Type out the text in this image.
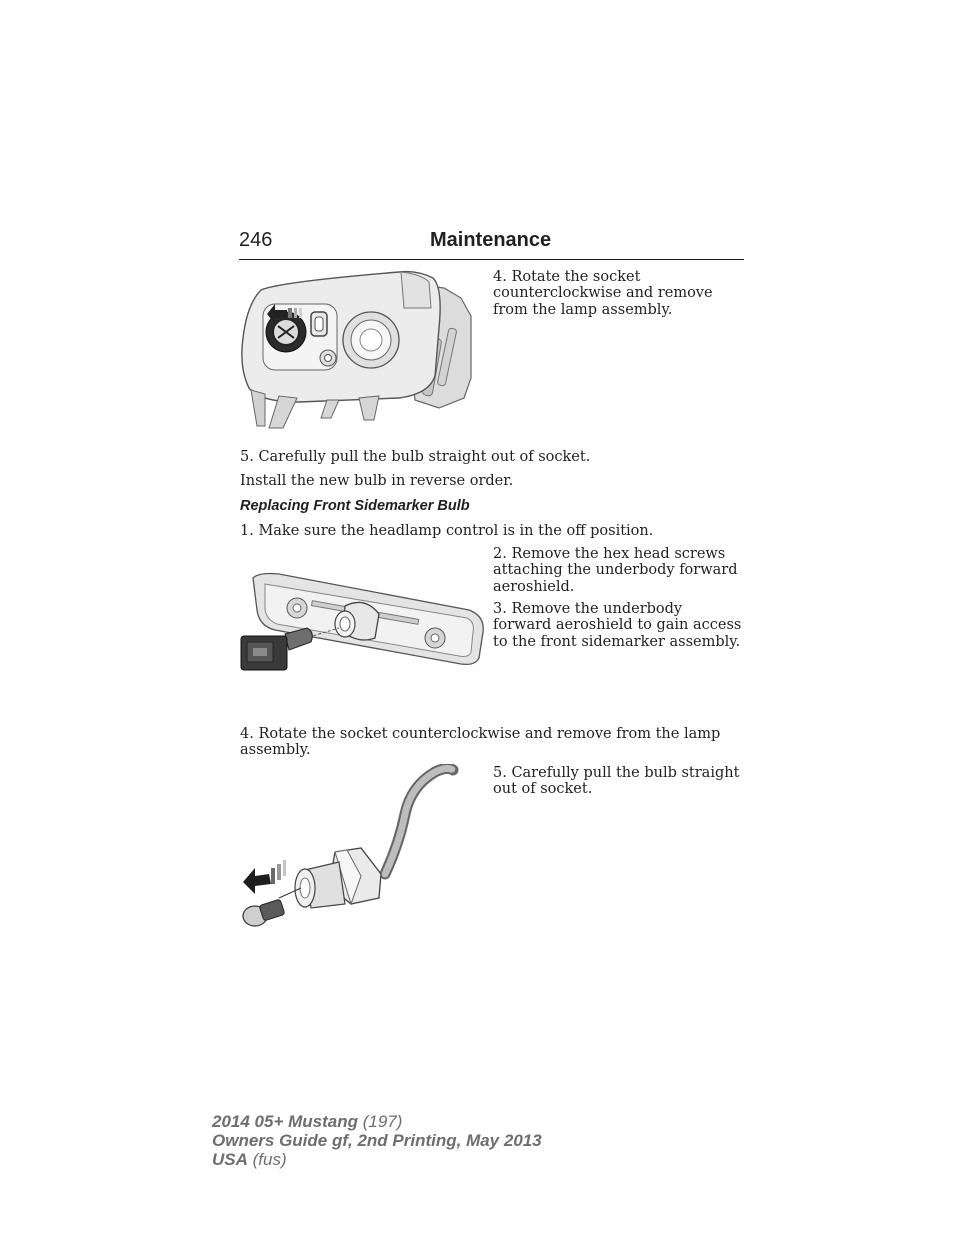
246	Maintenance

4. Rotate the socket counterclockwise and remove from the lamp assembly.

5. Carefully pull the bulb straight out of socket.

Install the new bulb in reverse order.

Replacing Front Sidemarker Bulb

1. Make sure the headlamp control is in the off position.

2. Remove the hex head screws attaching the underbody forward aeroshield.

3. Remove the underbody forward aeroshield to gain access to the front sidemarker assembly.

4. Rotate the socket counterclockwise and remove from the lamp assembly.

5. Carefully pull the bulb straight out of socket.

2014 05+ Mustang (197)
Owners Guide gf, 2nd Printing, May 2013
USA (fus)
